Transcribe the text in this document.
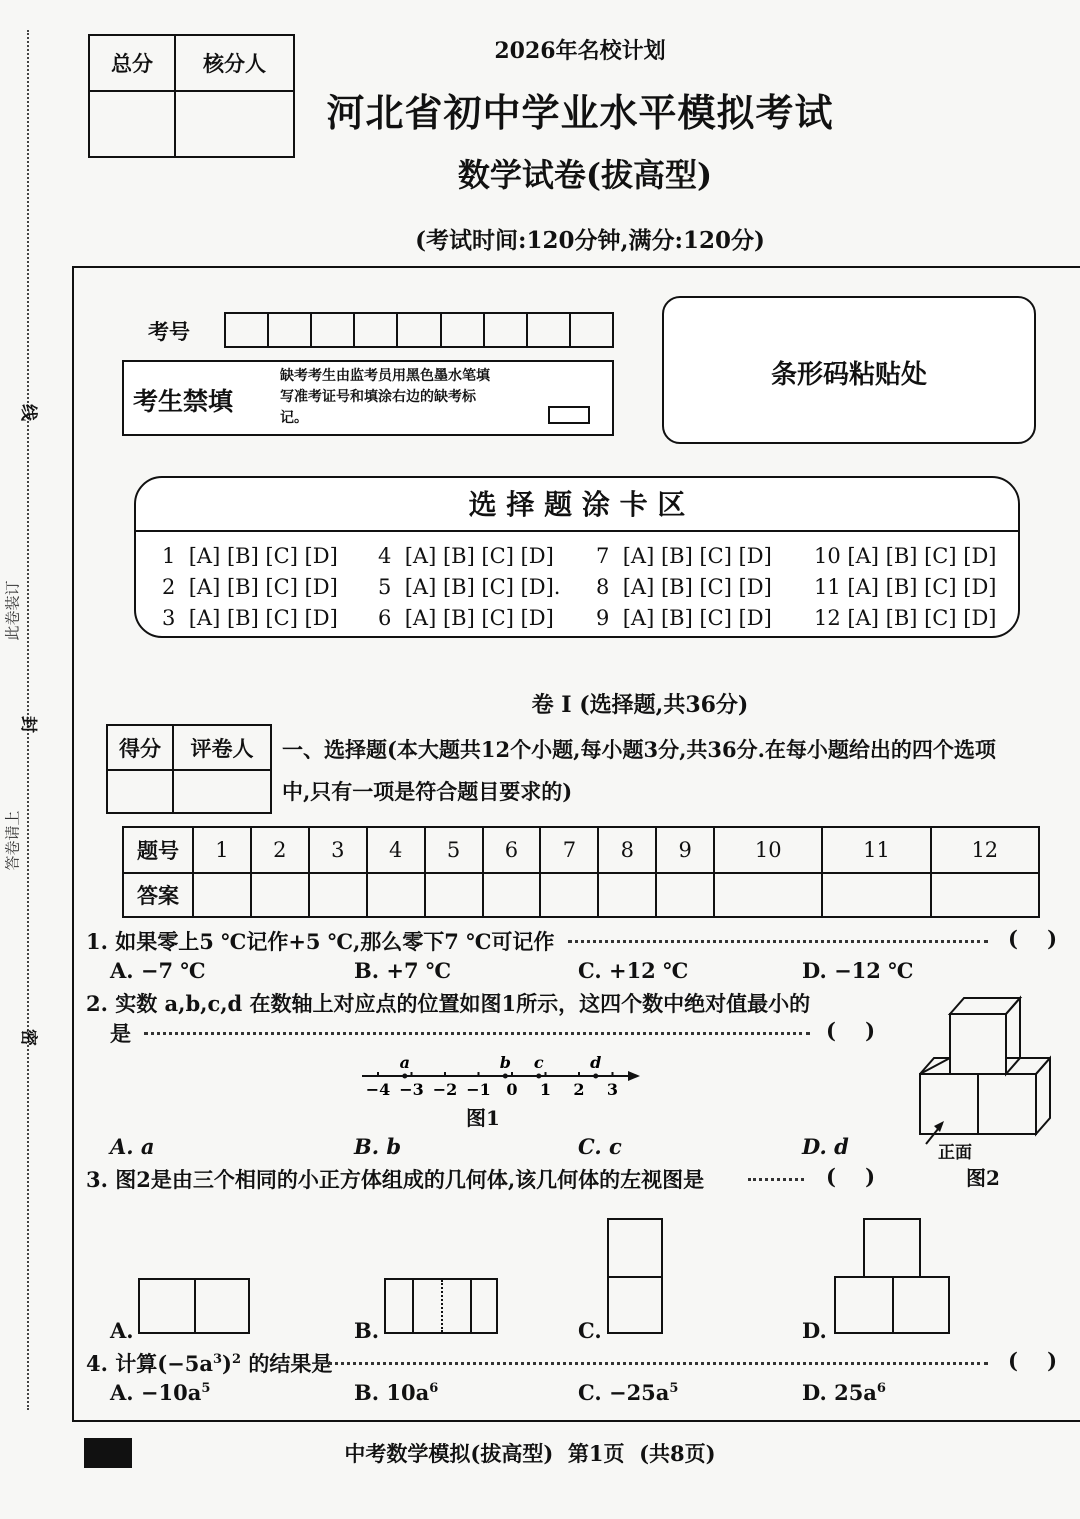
线
此卷装订
封
答卷请上
密
总分	核分人
		2026年名校计划
河北省初中学业水平模拟考试
数学试卷(拔高型)
(考试时间:120分钟,满分:120分)
考号
考生禁填
缺考考生由监考员用黑色墨水笔填写准考证号和填涂右边的缺考标记。
条形码粘贴处
选 择 题 涂 卡 区
1  [A] [B] [C] [D] 4  [A] [B] [C] [D] 7  [A] [B] [C] [D] 10 [A] [B] [C] [D]
2  [A] [B] [C] [D] 5  [A] [B] [C] [D]. 8  [A] [B] [C] [D] 11 [A] [B] [C] [D]
3  [A] [B] [C] [D] 6  [A] [B] [C] [D] 9  [A] [B] [C] [D] 12 [A] [B] [C] [D]
卷 I (选择题,共36分)
得分	评卷人
	一、选择题(本大题共12个小题,每小题3分,共36分.在每小题给出的四个选项
中,只有一项是符合题目要求的)
题号	1	2	3	4	5	6	7	8	9	10	11	12
答案												
1. 如果零上5 ℃记作+5 ℃,那么零下7 ℃可记作	(    )
A. −7 ℃	B. +7 ℃	C. +12 ℃	D. −12 ℃
2. 实数 a,b,c,d 在数轴上对应点的位置如图1所示，这四个数中绝对值最小的
是	(    )
−4 −3 −2 −1 0 1 2 3
a	b c	d
图1
A. a	B. b	C. c	D. d	正面
图2
3. 图2是由三个相同的小正方体组成的几何体,该几何体的左视图是	(    )
A.	B.	C.	D.
4. 计算$(-5a^3)^2$ 的结果是	(    )
A. $-10a^5$	B. $10a^6$	C. $-25a^5$	D. $25a^6$
中考数学模拟(拔高型)  第1页  (共8页)
